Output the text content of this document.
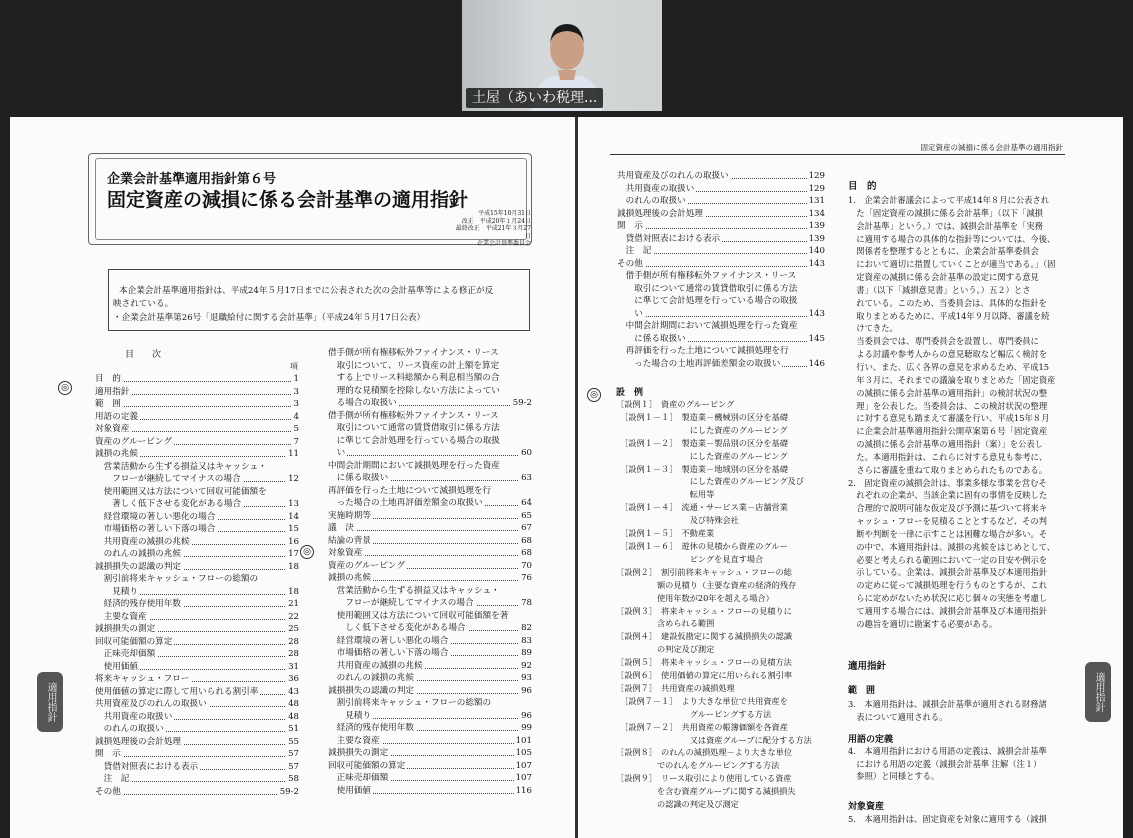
土屋（あいわ税理...
企業会計基準適用指針第６号
固定資産の減損に係る会計基準の適用指針
平成15年10月31日
改正　平成20年１月24日
最終改正　平成21年３月27日
企業会計基準委員会
本企業会計基準適用指針は、平成24年５月17日までに公表された次の会計基準等による修正が反
映されている。
・企業会計基準第26号「退職給付に関する会計基準」（平成24年５月17日公表）
目　　次
項
目　的	1
適用指針	3
範　囲	3
用語の定義	4
対象資産	5
資産のグルーピング	7
減損の兆候	11
　営業活動から生ずる損益又はキャッシュ・
　　フローが継続してマイナスの場合	12
　使用範囲又は方法について回収可能価額を
　　著しく低下させる変化がある場合	13
　経営環境の著しい悪化の場合	14
　市場価格の著しい下落の場合	15
　共用資産の減損の兆候	16
　のれんの減損の兆候	17
減損損失の認識の判定	18
　割引前将来キャッシュ・フローの総額の
　　見積り	18
　経済的残存使用年数	21
　主要な資産	22
減損損失の測定	25
回収可能価額の算定	28
　正味売却価額	28
　使用価値	31
将来キャッシュ・フロー	36
使用価値の算定に際して用いられる割引率	43
共用資産及びのれんの取扱い	48
　共用資産の取扱い	48
　のれんの取扱い	51
減損処理後の会計処理	55
開　示	57
　貸借対照表における表示	57
　注　記	58
その他	59-2
借手側が所有権移転外ファイナンス・リース
　取引について、リース資産の計上額を算定
　する上でリース料総額から利息相当額の合
　理的な見積額を控除しない方法によってい
　る場合の取扱い	59-2
借手側が所有権移転外ファイナンス・リース
　取引について通常の賃貸借取引に係る方法
　に準じて会計処理を行っている場合の取扱
　い	60
中間会計期間において減損処理を行った資産
　に係る取扱い	63
再評価を行った土地について減損処理を行
　った場合の土地再評価差額金の取扱い	64
実施時期等	65
議　決	67
結論の背景	68
対象資産	68
資産のグルーピング	70
減損の兆候	76
　営業活動から生ずる損益又はキャッシュ・
　　フローが継続してマイナスの場合	78
　使用範囲又は方法について回収可能価額を著
　　しく低下させる変化がある場合	82
　経営環境の著しい悪化の場合	83
　市場価格の著しい下落の場合	89
　共用資産の減損の兆候	92
　のれんの減損の兆候	93
減損損失の認識の判定	96
　割引前将来キャッシュ・フローの総額の
　　見積り	96
　経済的残存使用年数	99
　主要な資産	101
減損損失の測定	105
回収可能価額の算定	107
　正味売却価額	107
　使用価値	116
◎
◎
適用指針
固定資産の減損に係る会計基準の適用指針
共用資産及びのれんの取扱い	129
　共用資産の取扱い	129
　のれんの取扱い	131
減損処理後の会計処理	134
開　示	139
　貸借対照表における表示	139
　注　記	140
その他	143
　借手側が所有権移転外ファイナンス・リース
　　取引について通常の賃貸借取引に係る方法
　　に準じて会計処理を行っている場合の取扱
　　い	143
　中間会計期間において減損処理を行った資産
　　に係る取扱い	145
　再評価を行った土地について減損処理を行
　　った場合の土地再評価差額金の取扱い	146
◎	設　例
［設例１］　資産のグルーピング
　［設例１－１］　製造業－機械別の区分を基礎
　　　　　　　　　にした資産のグルーピング
　［設例１－２］　製造業－製品別の区分を基礎
　　　　　　　　　にした資産のグルーピング
　［設例１－３］　製造業－地域別の区分を基礎
　　　　　　　　　にした資産のグルーピング及び
　　　　　　　　　転用等
　［設例１－４］　流通・サービス業－店舗営業
　　　　　　　　　及び特殊会社
　［設例１－５］　不動産業
　［設例１－６］　遊休の見積から資産のグルー
　　　　　　　　　ピングを見直す場合
［設例２］　割引前将来キャッシュ・フローの総
　　　　　額の見積り（主要な資産の経済的残存
　　　　　使用年数が20年を超える場合）
［設例３］　将来キャッシュ・フローの見積りに
　　　　　含められる範囲
［設例４］　建設仮勘定に関する減損損失の認識
　　　　　の判定及び測定
［設例５］　将来キャッシュ・フローの見積方法
［設例６］　使用価値の算定に用いられる割引率
［設例７］　共用資産の減損処理
　［設例７－１］　より大きな単位で共用資産を
　　　　　　　　　グルーピングする方法
　［設例７－２］　共用資産の帳簿価額を各資産
　　　　　　　　　又は資産グループに配分する方法
［設例８］　のれんの減損処理－より大きな単位
　　　　　でのれんをグルーピングする方法
［設例９］　リース取引により使用している資産
　　　　　を含む資産グループに関する減損損失
　　　　　の認識の判定及び測定
目　的
1.　企業会計審議会によって平成14年８月に公表され
　た「固定資産の減損に係る会計基準」（以下「減損
　会計基準」という。）では、減損会計基準を「実務
　に適用する場合の具体的な指針等については、今後、
　関係者を整理するとともに、企業会計基準委員会
　において適切に措置していくことが適当である。」（固
　定資産の減損に係る会計基準の設定に関する意見
　書」（以下「減損意見書」という。）五２）とさ
　れている。このため、当委員会は、具体的な指針を
　取りまとめるために、平成14年９月以降、審議を続
　けてきた。
　当委員会では、専門委員会を設置し、専門委員に
　よる討議や参考人からの意見聴取など幅広く検討を
　行い、また、広く各界の意見を求めるため、平成15
　年３月に、それまでの議論を取りまとめた「固定資産
　の減損に係る会計基準の適用指針」の検討状況の整
　理」を公表した。当委員会は、この検討状況の整理
　に対する意見も踏まえて審議を行い、平成15年８月
　に企業会計基準適用指針公開草案第６号「固定資産
　の減損に係る会計基準の適用指針（案）」を公表し
　た。本適用指針は、これらに対する意見も参考に、
　さらに審議を重ねて取りまとめられたものである。
2.　固定資産の減損会計は、事業多様な事業を営むそ
　れぞれの企業が、当該企業に固有の事情を反映した
　合理的で説明可能な仮定及び予測に基づいて将来キ
　ャッシュ・フローを見積ることとするなど、その判
　断や判断を一律に示すことは困難な場合が多い。そ
　の中で、本適用指針は、減損の兆候をはじめとして、
　必要と考えられる範囲において一定の目安や例示を
　示している。企業は、減損会計基準及び本適用指針
　の定めに従って減損処理を行うものとするが、これ
　らに定めがないため状況に応じ個々の実態を考慮し
　て適用する場合には、減損会計基準及び本適用指針
　の趣旨を適切に勘案する必要がある。
適用指針
範　囲
3.　本適用指針は、減損会計基準が適用される財務諸
　表について適用される。
用語の定義
4.　本適用指針における用語の定義は、減損会計基準
　における用語の定義（減損会計基準 注解（注１）
　参照）と同様とする。
対象資産
5.　本適用指針は、固定資産を対象に適用する（減損
適用指針
